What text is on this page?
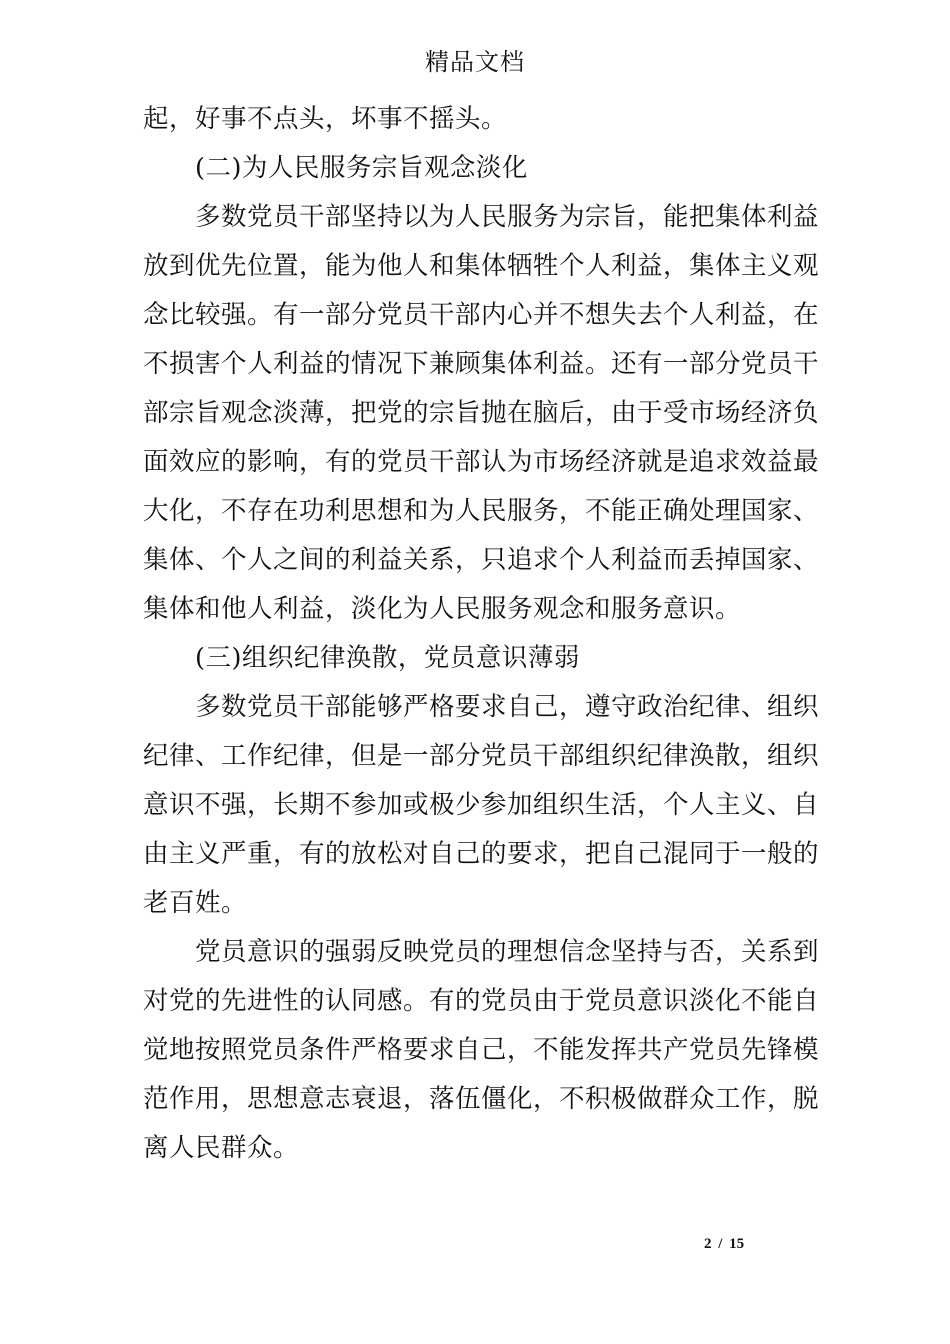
精品文档
起，好事不点头，坏事不摇头。
(二)为人民服务宗旨观念淡化
多数党员干部坚持以为人民服务为宗旨，能把集体利益
放到优先位置，能为他人和集体牺牲个人利益，集体主义观
念比较强。有一部分党员干部内心并不想失去个人利益，在
不损害个人利益的情况下兼顾集体利益。还有一部分党员干
部宗旨观念淡薄，把党的宗旨抛在脑后，由于受市场经济负
面效应的影响，有的党员干部认为市场经济就是追求效益最
大化，不存在功利思想和为人民服务，不能正确处理国家、
集体、个人之间的利益关系，只追求个人利益而丢掉国家、
集体和他人利益，淡化为人民服务观念和服务意识。
(三)组织纪律涣散，党员意识薄弱
多数党员干部能够严格要求自己，遵守政治纪律、组织
纪律、工作纪律，但是一部分党员干部组织纪律涣散，组织
意识不强，长期不参加或极少参加组织生活，个人主义、自
由主义严重，有的放松对自己的要求，把自己混同于一般的
老百姓。
党员意识的强弱反映党员的理想信念坚持与否，关系到
对党的先进性的认同感。有的党员由于党员意识淡化不能自
觉地按照党员条件严格要求自己，不能发挥共产党员先锋模
范作用，思想意志衰退，落伍僵化，不积极做群众工作，脱
离人民群众。
2 / 15
